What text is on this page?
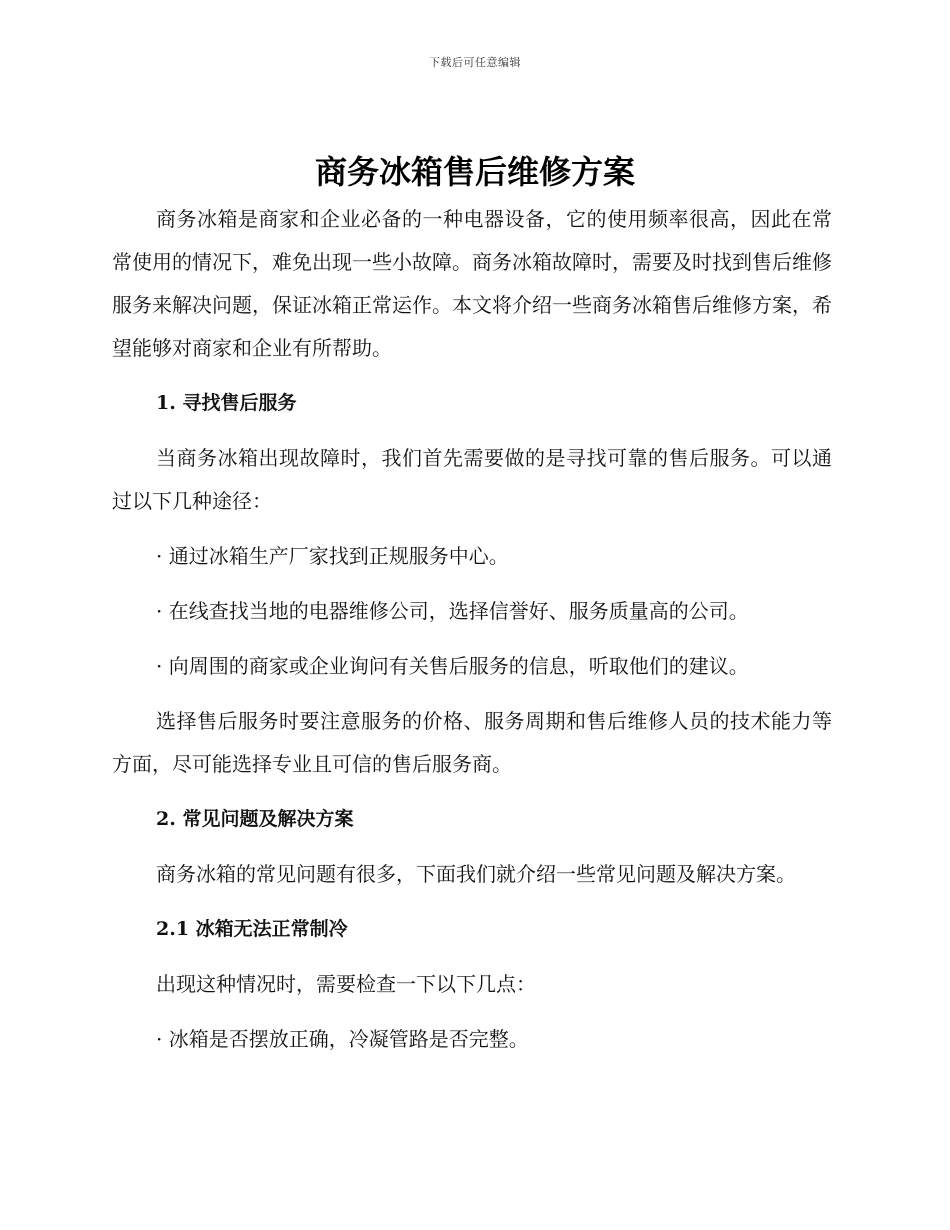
下载后可任意编辑
商务冰箱售后维修方案

商务冰箱是商家和企业必备的一种电器设备，它的使用频率很高，因此在常常使用的情况下，难免出现一些小故障。商务冰箱故障时，需要及时找到售后维修服务来解决问题，保证冰箱正常运作。本文将介绍一些商务冰箱售后维修方案，希望能够对商家和企业有所帮助。

1. 寻找售后服务

当商务冰箱出现故障时，我们首先需要做的是寻找可靠的售后服务。可以通过以下几种途径：

· 通过冰箱生产厂家找到正规服务中心。
· 在线查找当地的电器维修公司，选择信誉好、服务质量高的公司。
· 向周围的商家或企业询问有关售后服务的信息，听取他们的建议。

选择售后服务时要注意服务的价格、服务周期和售后维修人员的技术能力等方面，尽可能选择专业且可信的售后服务商。

2. 常见问题及解决方案

商务冰箱的常见问题有很多，下面我们就介绍一些常见问题及解决方案。

2.1 冰箱无法正常制冷

出现这种情况时，需要检查一下以下几点：

· 冰箱是否摆放正确，冷凝管路是否完整。
